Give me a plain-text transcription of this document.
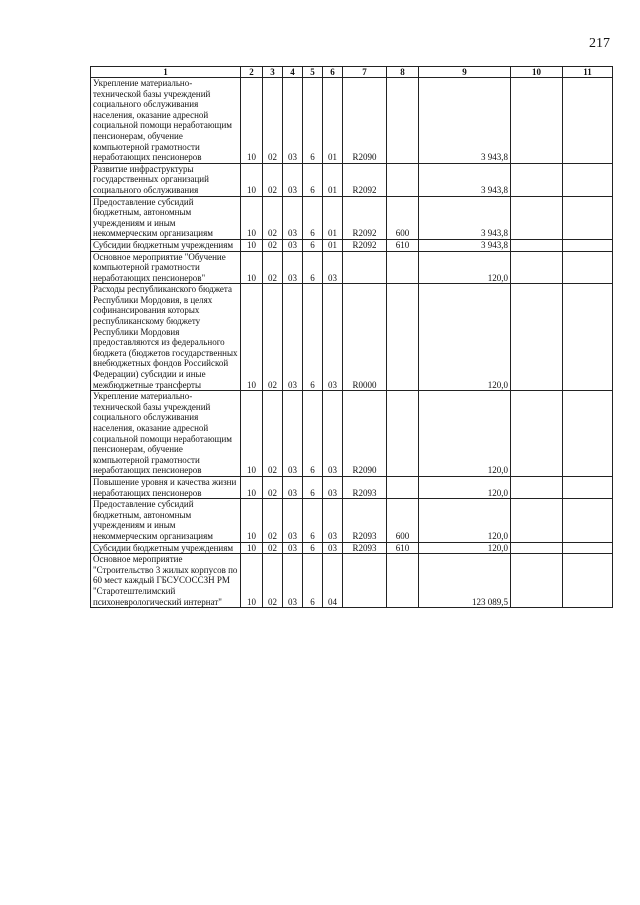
217
1	2	3	4	5	6	7	8	9	10	11
Укрепление материально-технической базы учреждений социального обслуживания населения, оказание адресной социальной помощи неработающим пенсионерам, обучение компьютерной грамотности неработающих пенсионеров	10	02	03	6	01	R2090		3 943,8		
Развитие инфраструктуры государственных организаций социального обслуживания	10	02	03	6	01	R2092		3 943,8		
Предоставление субсидий бюджетным, автономным учреждениям и иным некоммерческим организациям	10	02	03	6	01	R2092	600	3 943,8		
Субсидии бюджетным учреждениям	10	02	03	6	01	R2092	610	3 943,8		
Основное мероприятие "Обучение компьютерной грамотности неработающих пенсионеров"	10	02	03	6	03			120,0		
Расходы республиканского бюджета Республики Мордовия, в целях софинансирования которых республиканскому бюджету Республики Мордовия предоставляются из федерального бюджета (бюджетов государственных внебюджетных фондов Российской Федерации) субсидии и иные межбюджетные трансферты	10	02	03	6	03	R0000		120,0		
Укрепление материально-технической базы учреждений социального обслуживания населения, оказание адресной социальной помощи неработающим пенсионерам, обучение компьютерной грамотности неработающих пенсионеров	10	02	03	6	03	R2090		120,0		
Повышение уровня и качества жизни неработающих пенсионеров	10	02	03	6	03	R2093		120,0		
Предоставление субсидий бюджетным, автономным учреждениям и иным некоммерческим организациям	10	02	03	6	03	R2093	600	120,0		
Субсидии бюджетным учреждениям	10	02	03	6	03	R2093	610	120,0		
Основное мероприятие "Строительство 3 жилых корпусов по 60 мест каждый ГБСУСОССЗН РМ "Старотештелимский психоневрологический интернат"	10	02	03	6	04			123 089,5		
